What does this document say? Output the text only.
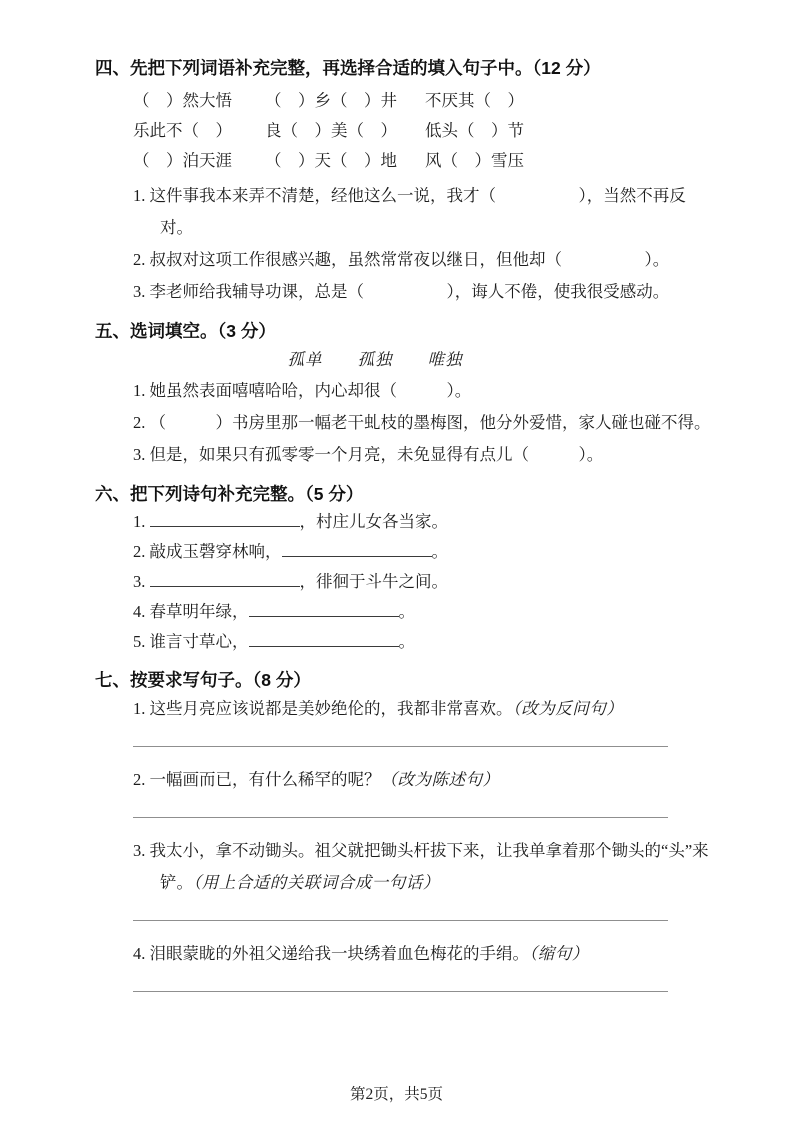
四、先把下列词语补充完整，再选择合适的填入句子中。（12 分）
（　）然大悟	（　）乡（　）井	不厌其（　）
乐此不（　）	良（　）美（　）	低头（　）节
（　）泊天涯	（　）天（　）地	风（　）雪压

1. 这件事我本来弄不清楚，经他这么一说，我才（　　　　　），当然不再反对。

2. 叔叔对这项工作很感兴趣，虽然常常夜以继日，但他却（　　　　　）。

3. 李老师给我辅导功课，总是（　　　　　），诲人不倦，使我很受感动。

五、选词填空。（3 分）
孤单　　孤独　　唯独

1. 她虽然表面嘻嘻哈哈，内心却很（　　　）。

2. （　　　）书房里那一幅老干虬枝的墨梅图，他分外爱惜，家人碰也碰不得。

3. 但是，如果只有孤零零一个月亮，未免显得有点儿（　　　）。

六、把下列诗句补充完整。（5 分）

1.	，村庄儿女各当家。

2. 敲成玉磬穿林响，	。

3.	，徘徊于斗牛之间。

4. 春草明年绿，	。

5. 谁言寸草心，	。

七、按要求写句子。（8 分）

1. 这些月亮应该说都是美妙绝伦的，我都非常喜欢。（改为反问句）

2. 一幅画而已，有什么稀罕的呢？（改为陈述句）

3. 我太小，拿不动锄头。祖父就把锄头杆拔下来，让我单拿着那个锄头的“头”来铲。（用上合适的关联词合成一句话）

4. 泪眼蒙眬的外祖父递给我一块绣着血色梅花的手绢。（缩句）

第2页，共5页
